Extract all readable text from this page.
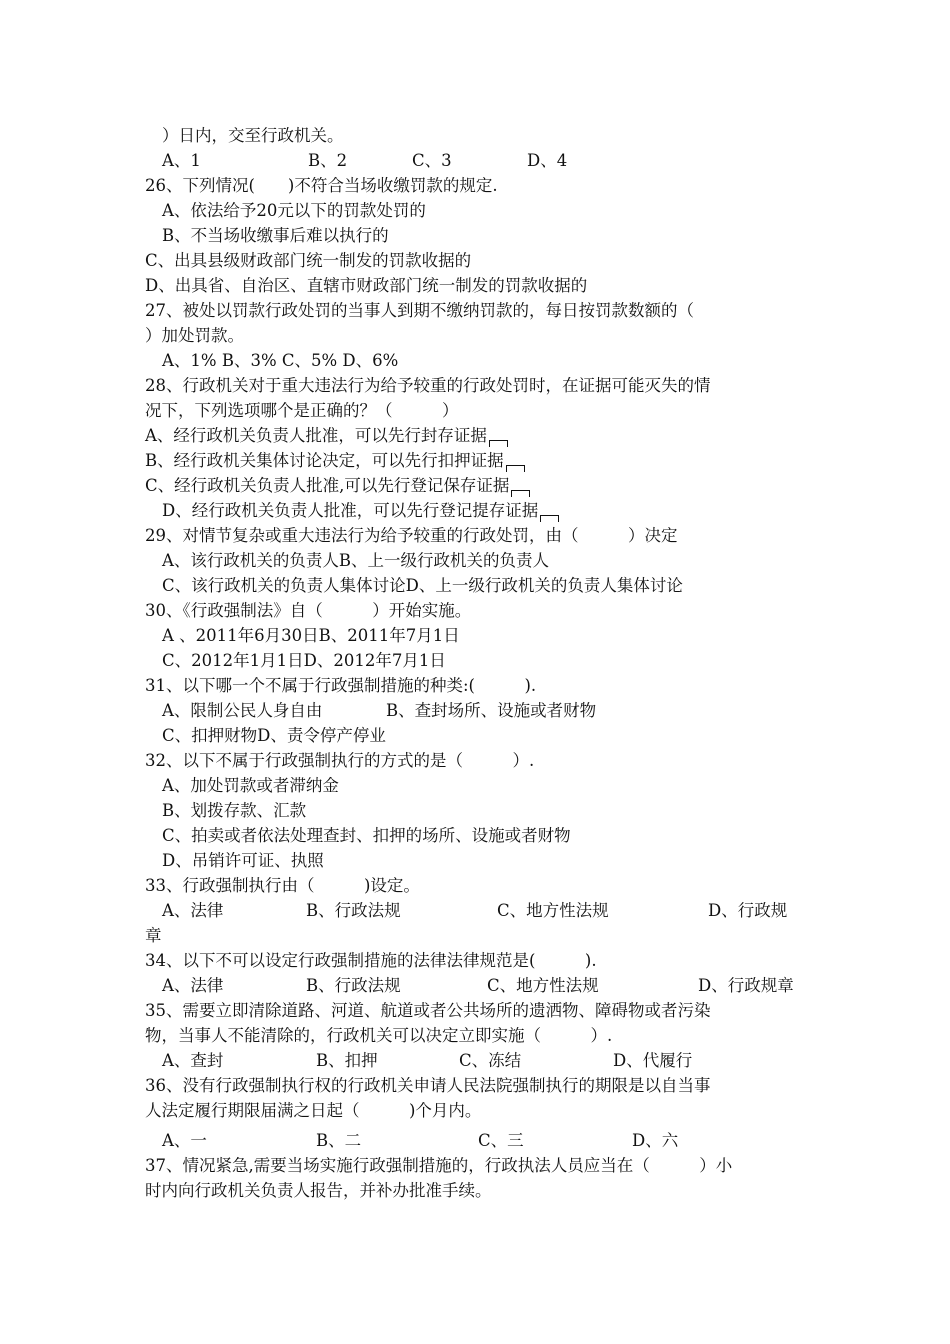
）日内，交至行政机关。
A、1	B、2	C、3	D、4
26、下列情况(　　)不符合当场收缴罚款的规定.
A、依法给予20元以下的罚款处罚的
B、不当场收缴事后难以执行的
C、出具县级财政部门统一制发的罚款收据的
D、出具省、自治区、直辖市财政部门统一制发的罚款收据的
27、被处以罚款行政处罚的当事人到期不缴纳罚款的，每日按罚款数额的（
）加处罚款。
A、1% B、3% C、5% D、6%
28、行政机关对于重大违法行为给予较重的行政处罚时，在证据可能灭失的情
况下，下列选项哪个是正确的？（　　　）
A、经行政机关负责人批准，可以先行封存证据
B、经行政机关集体讨论决定，可以先行扣押证据
C、经行政机关负责人批准,可以先行登记保存证据
D、经行政机关负责人批准，可以先行登记提存证据
29、对情节复杂或重大违法行为给予较重的行政处罚，由（　　　）决定
A、该行政机关的负责人B、上一级行政机关的负责人
C、该行政机关的负责人集体讨论D、上一级行政机关的负责人集体讨论
30、《行政强制法》自（　　　）开始实施。
A 、2011年6月30日B、2011年7月1日
C、2012年1月1日D、2012年7月1日
31、以下哪一个不属于行政强制措施的种类:(　　　).
A、限制公民人身自由	B、查封场所、设施或者财物
C、扣押财物D、责令停产停业
32、以下不属于行政强制执行的方式的是（　　　）.
A、加处罚款或者滞纳金
B、划拨存款、汇款
C、拍卖或者依法处理查封、扣押的场所、设施或者财物
D、吊销许可证、执照
33、行政强制执行由（　　　)设定。
A、法律	B、行政法规	C、地方性法规	D、行政规
章
34、以下不可以设定行政强制措施的法律法律规范是(　　　).
A、法律	B、行政法规	C、地方性法规	D、行政规章
35、需要立即清除道路、河道、航道或者公共场所的遗洒物、障碍物或者污染
物，当事人不能清除的，行政机关可以决定立即实施（　　　）.
A、查封	B、扣押	C、冻结	D、代履行
36、没有行政强制执行权的行政机关申请人民法院强制执行的期限是以自当事
人法定履行期限届满之日起（　　　)个月内。
A、一	B、二	C、三	D、六
37、情况紧急,需要当场实施行政强制措施的，行政执法人员应当在（　　　）小
时内向行政机关负责人报告，并补办批准手续。
